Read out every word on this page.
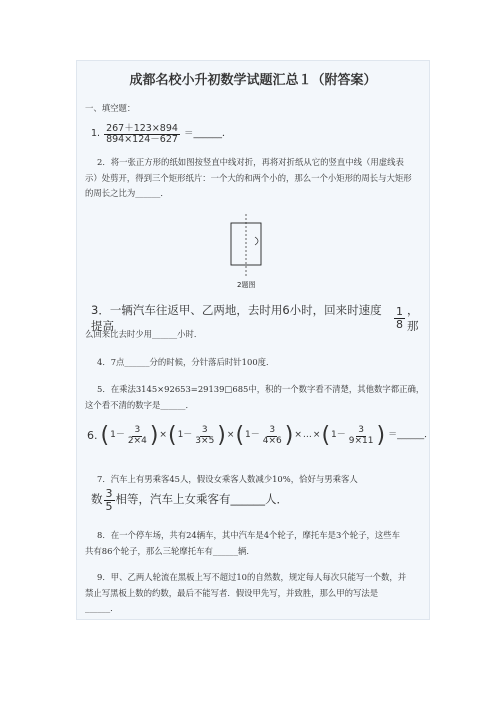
成都名校小升初数学试题汇总１（附答案）
一、填空题：
1. $\frac{267+123\times 894}{894\times 124-627}$ ＝______．
2．将一张正方形的纸如图按竖直中线对折，再将对折纸从它的竖直中线（用虚线表
示）处剪开，得到三个矩形纸片：一个大的和两个小的，那么一个小矩形的周长与大矩形
的周长之比为______．
2题图
3．一辆汽车往返甲、乙两地，去时用6小时，回来时速度提高	$\frac{1}{8}$ ，那
么回来比去时少用______小时．
4．7点______分的时候，分针落后时针100度．
5．在乘法3145×92653=29139□685中，积的一个数字看不清楚，其他数字都正确，
这个看不清的数字是______．
6. ( $1- \frac{3}{2\times 4}$ ) × ( $1- \frac{3}{3\times 5}$ ) × ( $1- \frac{3}{4\times 6}$ ) × … × ( $1- \frac{3}{9\times 11}$ ) ＝______．
7．汽车上有男乘客45人，假设女乘客人数减少10%，恰好与男乘客人
数 $\frac{3}{5}$ 相等，汽车上女乘客有______人．
8．在一个停车场，共有24辆车，其中汽车是4个轮子，摩托车是3个轮子，这些车
共有86个轮子，那么三轮摩托车有______辆．
9．甲、乙两人轮流在黑板上写不超过10的自然数，规定每人每次只能写一个数，并
禁止写黑板上数的约数，最后不能写者．假设甲先写，并致胜，那么甲的写法是
______．
